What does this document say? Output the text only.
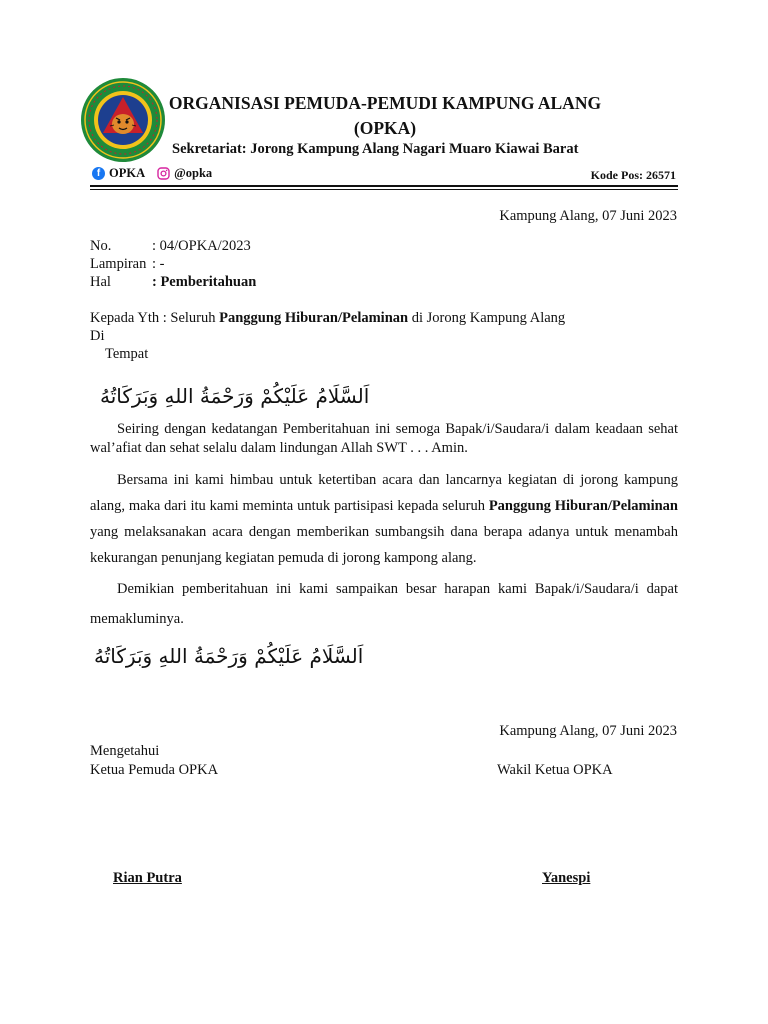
ORGANISASI PEMUDA-PEMUDI KAMPUNG ALANG
(OPKA)
Sekretariat: Jorong Kampung Alang Nagari Muaro Kiawai Barat
f OPKA @opka	Kode Pos: 26571
Kampung Alang, 07 Juni 2023
No.	: 04/OPKA/2023
Lampiran : -
Hal	: Pemberitahuan
Kepada Yth : Seluruh Panggung Hiburan/Pelaminan di Jorong Kampung Alang
Di
Tempat
اَلسَّلَامُ عَلَيْكُمْ وَرَحْمَةُ اللهِ وَبَرَكَاتُهُ
Seiring dengan kedatangan Pemberitahuan ini semoga Bapak/i/Saudara/i dalam keadaan sehat wal’afiat dan sehat selalu dalam lindungan Allah SWT . . . Amin.
Bersama ini kami himbau untuk ketertiban acara dan lancarnya kegiatan di jorong kampung alang, maka dari itu kami meminta untuk partisipasi kepada seluruh Panggung Hiburan/Pelaminan yang melaksanakan acara dengan memberikan sumbangsih dana berapa adanya untuk menambah kekurangan penunjang kegiatan pemuda di jorong kampong alang.
Demikian pemberitahuan ini kami sampaikan besar harapan kami Bapak/i/Saudara/i dapat memakluminya.
اَلسَّلَامُ عَلَيْكُمْ وَرَحْمَةُ اللهِ وَبَرَكَاتُهُ
Kampung Alang, 07 Juni 2023
Mengetahui
Ketua Pemuda OPKA	Wakil Ketua OPKA
Rian Putra	Yanespi
